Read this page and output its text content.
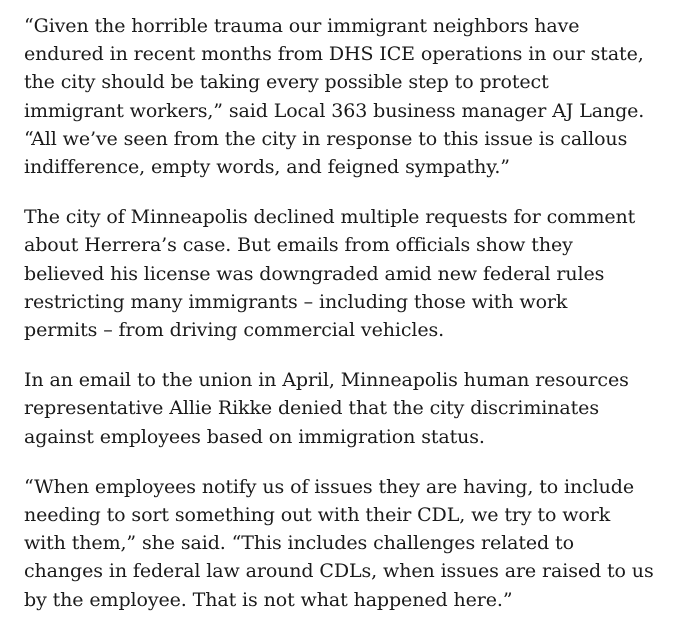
“Given the horrible trauma our immigrant neighbors have
endured in recent months from DHS ICE operations in our state,
the city should be taking every possible step to protect
immigrant workers,” said Local 363 business manager AJ Lange.
“All we’ve seen from the city in response to this issue is callous
indifference, empty words, and feigned sympathy.”

The city of Minneapolis declined multiple requests for comment
about Herrera’s case. But emails from officials show they
believed his license was downgraded amid new federal rules
restricting many immigrants – including those with work
permits – from driving commercial vehicles.

In an email to the union in April, Minneapolis human resources
representative Allie Rikke denied that the city discriminates
against employees based on immigration status.

“When employees notify us of issues they are having, to include
needing to sort something out with their CDL, we try to work
with them,” she said. “This includes challenges related to
changes in federal law around CDLs, when issues are raised to us
by the employee. That is not what happened here.”
